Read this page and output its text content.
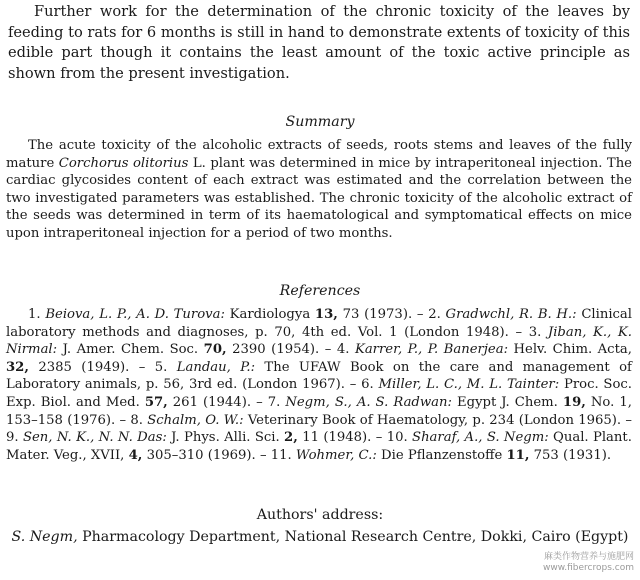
Further work for the determination of the chronic toxicity of the leaves by feeding to rats for 6 months is still in hand to demonstrate extents of toxicity of this edible part though it contains the least amount of the toxic active principle as shown from the present investigation.

Summary

The acute toxicity of the alcoholic extracts of seeds, roots stems and leaves of the fully mature Corchorus olitorius L. plant was determined in mice by intraperitoneal injection. The cardiac glycosides content of each extract was estimated and the correlation between the two investigated parameters was established. The chronic toxicity of the alcoholic extract of the seeds was determined in term of its haematological and symptomatical effects on mice upon intraperitoneal injection for a period of two months.

References

1. Beiova, L. P., A. D. Turova: Kardiologya 13, 73 (1973). – 2. Gradwchl, R. B. H.: Clinical laboratory methods and diagnoses, p. 70, 4th ed. Vol. 1 (London 1948). – 3. Jiban, K., K. Nirmal: J. Amer. Chem. Soc. 70, 2390 (1954). – 4. Karrer, P., P. Banerjea: Helv. Chim. Acta, 32, 2385 (1949). – 5. Landau, P.: The UFAW Book on the care and management of Laboratory animals, p. 56, 3rd ed. (London 1967). – 6. Miller, L. C., M. L. Tainter: Proc. Soc. Exp. Biol. and Med. 57, 261 (1944). – 7. Negm, S., A. S. Radwan: Egypt J. Chem. 19, No. 1, 153–158 (1976). – 8. Schalm, O. W.: Veterinary Book of Haematology, p. 234 (London 1965). – 9. Sen, N. K., N. N. Das: J. Phys. Alli. Sci. 2, 11 (1948). – 10. Sharaf, A., S. Negm: Qual. Plant. Mater. Veg., XVII, 4, 305–310 (1969). – 11. Wohmer, C.: Die Pflanzenstoffe 11, 753 (1931).

Authors' address:

S. Negm, Pharmacology Department, National Research Centre, Dokki, Cairo (Egypt)

麻类作物营养与施肥网
www.fibercrops.com
